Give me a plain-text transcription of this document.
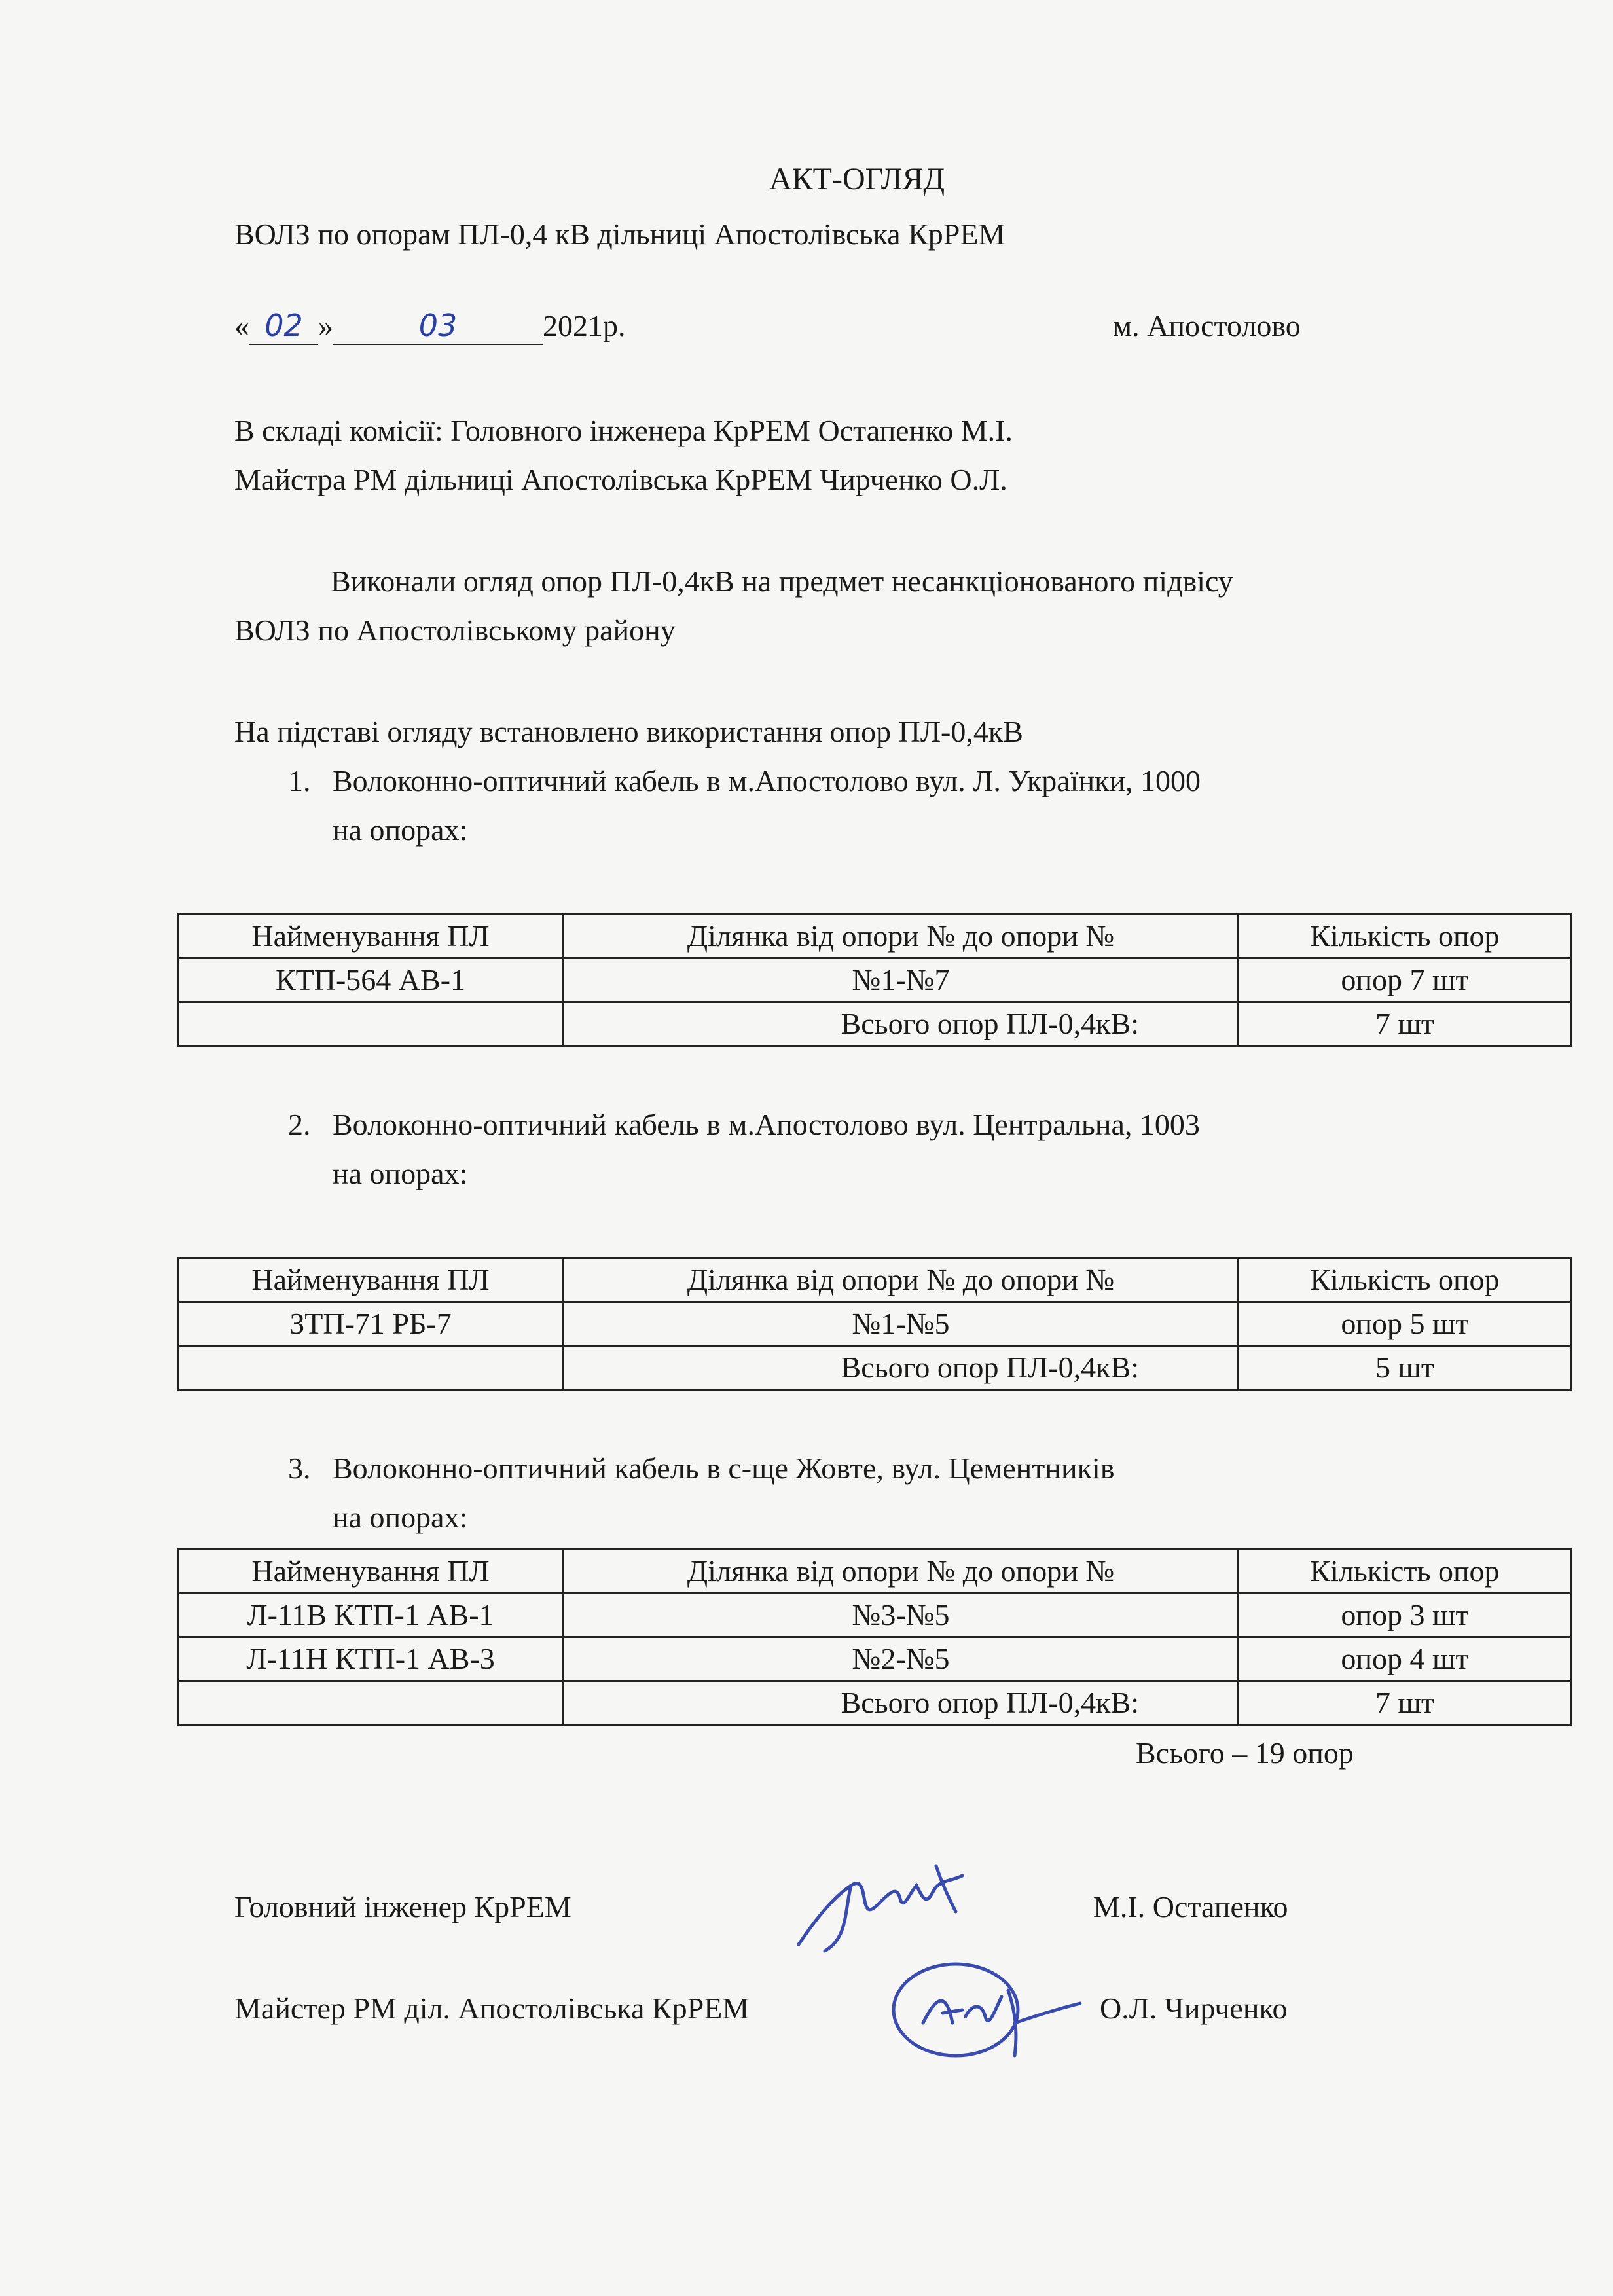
АКТ-ОГЛЯД
ВОЛЗ по опорам ПЛ-0,4 кВ дільниці Апостолівська КрРЕМ
« 02 »	03	2021р.	м. Апостолово
В складі комісії: Головного інженера КрРЕМ Остапенко М.І.
Майстра РМ дільниці Апостолівська КрРЕМ Чирченко О.Л.
Виконали огляд опор ПЛ-0,4кВ на предмет несанкціонованого підвісу
ВОЛЗ по Апостолівському району
На підставі огляду встановлено використання опор ПЛ-0,4кВ
1. Волоконно-оптичний кабель в м.Апостолово вул. Л. Українки, 1000
на опорах:
Найменування ПЛ	Ділянка від опори № до опори №	Кількість опор
КТП-564 АВ-1	№1-№7	опор 7 шт
	Всього опор ПЛ-0,4кВ:	7 шт
2. Волоконно-оптичний кабель в м.Апостолово вул. Центральна, 1003
на опорах:
Найменування ПЛ	Ділянка від опори № до опори №	Кількість опор
ЗТП-71 РБ-7	№1-№5	опор 5 шт
	Всього опор ПЛ-0,4кВ:	5 шт
3. Волоконно-оптичний кабель в с-ще Жовте, вул. Цементників
на опорах:
Найменування ПЛ	Ділянка від опори № до опори №	Кількість опор
Л-11В КТП-1 АВ-1	№3-№5	опор 3 шт
Л-11Н КТП-1 АВ-3	№2-№5	опор 4 шт
	Всього опор ПЛ-0,4кВ:	7 шт
Всього – 19 опор
Головний інженер КрРЕМ	М.І. Остапенко
Майстер РМ діл. Апостолівська КрРЕМ	О.Л. Чирченко
